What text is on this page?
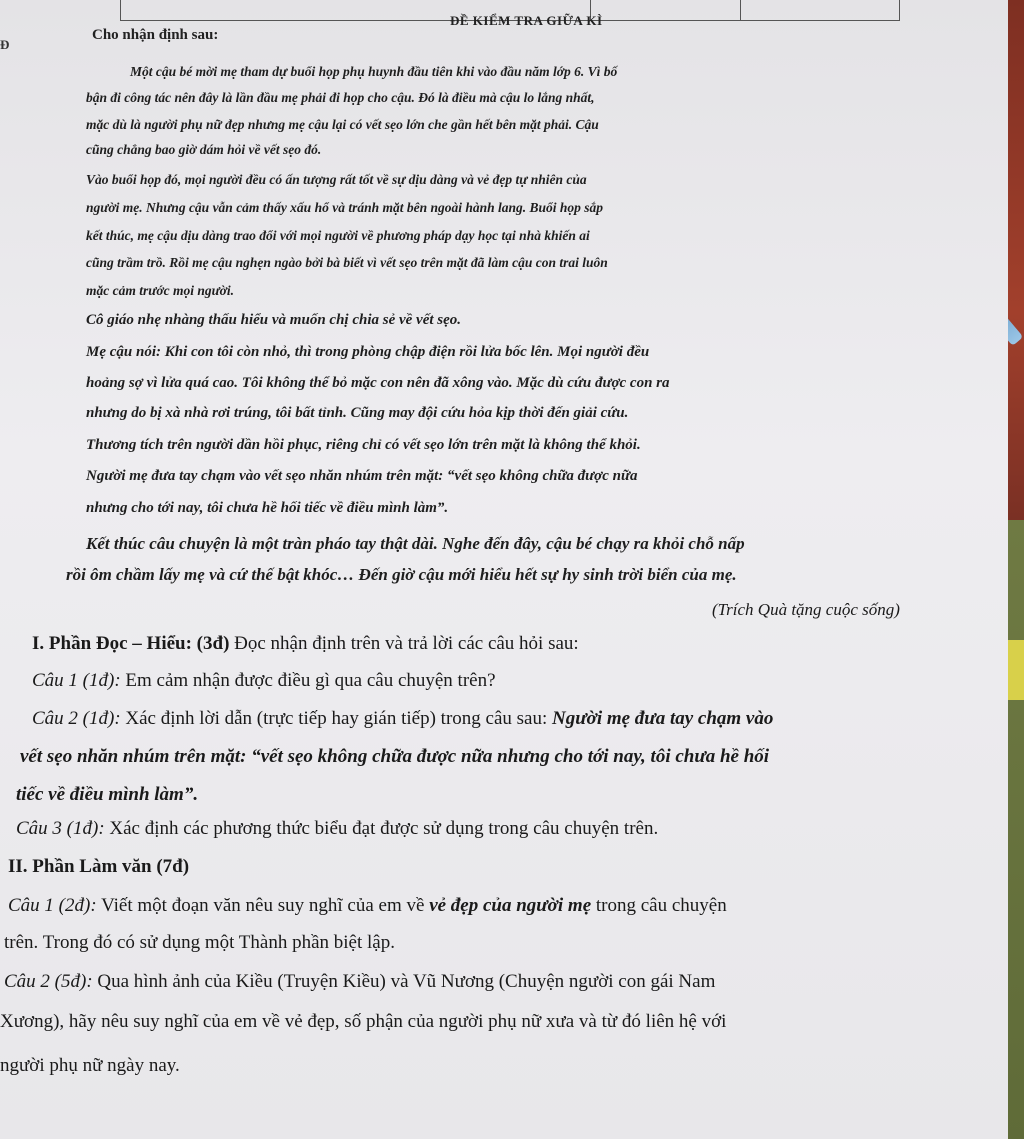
ĐỀ KIỂM TRA GIỮA KÌ
Đ
Cho nhận định sau:
Một cậu bé mời mẹ tham dự buổi họp phụ huynh đầu tiên khi vào đầu năm lớp 6. Vì bố
bận đi công tác nên đây là lần đầu mẹ phải đi họp cho cậu. Đó là điều mà cậu lo lắng nhất,
mặc dù là người phụ nữ đẹp nhưng mẹ cậu lại có vết sẹo lớn che gần hết bên mặt phải. Cậu
cũng chẳng bao giờ dám hỏi về vết sẹo đó.
Vào buổi họp đó, mọi người đều có ấn tượng rất tốt về sự dịu dàng và vẻ đẹp tự nhiên của
người mẹ. Nhưng cậu vẫn cảm thấy xấu hổ và tránh mặt bên ngoài hành lang. Buổi họp sắp
kết thúc, mẹ cậu dịu dàng trao đổi với mọi người về phương pháp dạy học tại nhà khiến ai
cũng trầm trồ. Rồi mẹ cậu nghẹn ngào bởi bà biết vì vết sẹo trên mặt đã làm cậu con trai luôn
mặc cảm trước mọi người.
Cô giáo nhẹ nhàng thấu hiểu và muốn chị chia sẻ về vết sẹo.
Mẹ cậu nói: Khi con tôi còn nhỏ, thì trong phòng chập điện rồi lửa bốc lên. Mọi người đều
hoảng sợ vì lửa quá cao. Tôi không thể bỏ mặc con nên đã xông vào. Mặc dù cứu được con ra
nhưng do bị xà nhà rơi trúng, tôi bất tỉnh. Cũng may đội cứu hỏa kịp thời đến giải cứu.
Thương tích trên người dần hồi phục, riêng chỉ có vết sẹo lớn trên mặt là không thể khỏi.
Người mẹ đưa tay chạm vào vết sẹo nhăn nhúm trên mặt: “vết sẹo không chữa được nữa
nhưng cho tới nay, tôi chưa hề hối tiếc về điều mình làm”.
Kết thúc câu chuyện là một tràn pháo tay thật dài. Nghe đến đây, cậu bé chạy ra khỏi chỗ nấp
rồi ôm chầm lấy mẹ và cứ thế bật khóc… Đến giờ cậu mới hiểu hết sự hy sinh trời biển của mẹ.
(Trích Quà tặng cuộc sống)
I. Phần Đọc – Hiểu: (3đ) Đọc nhận định trên và trả lời các câu hỏi sau:
Câu 1 (1đ): Em cảm nhận được điều gì qua câu chuyện trên?
Câu 2 (1đ): Xác định lời dẫn (trực tiếp hay gián tiếp) trong câu sau: Người mẹ đưa tay chạm vào
vết sẹo nhăn nhúm trên mặt: “vết sẹo không chữa được nữa nhưng cho tới nay, tôi chưa hề hối
tiếc về điều mình làm”.
Câu 3 (1đ): Xác định các phương thức biểu đạt được sử dụng trong câu chuyện trên.
II. Phần Làm văn (7đ)
Câu 1 (2đ): Viết một đoạn văn nêu suy nghĩ của em về vẻ đẹp của người mẹ trong câu chuyện
trên. Trong đó có sử dụng một Thành phần biệt lập.
Câu 2 (5đ): Qua hình ảnh của Kiều (Truyện Kiều) và Vũ Nương (Chuyện người con gái Nam
Xương), hãy nêu suy nghĩ của em về vẻ đẹp, số phận của người phụ nữ xưa và từ đó liên hệ với
người phụ nữ ngày nay.
